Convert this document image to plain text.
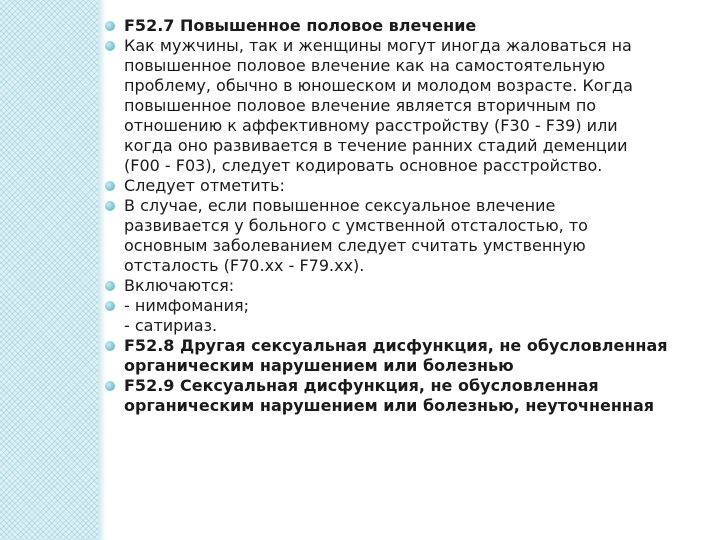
F52.7 Повышенное половое влечение
Как мужчины, так и женщины могут иногда жаловаться на
повышенное половое влечение как на самостоятельную
проблему, обычно в юношеском и молодом возрасте. Когда
повышенное половое влечение является вторичным по
отношению к аффективному расстройству (F30 - F39) или
когда оно развивается в течение ранних стадий деменции
(F00 - F03), следует кодировать основное расстройство.
Следует отметить:
В случае, если повышенное сексуальное влечение
развивается у больного с умственной отсталостью, то
основным заболеванием следует считать умственную
отсталость (F70.xx - F79.xx).
Включаются:
- нимфомания;
- сатириаз.
F52.8 Другая сексуальная дисфункция, не обусловленная
органическим нарушением или болезнью
F52.9 Сексуальная дисфункция, не обусловленная
органическим нарушением или болезнью, неуточненная
